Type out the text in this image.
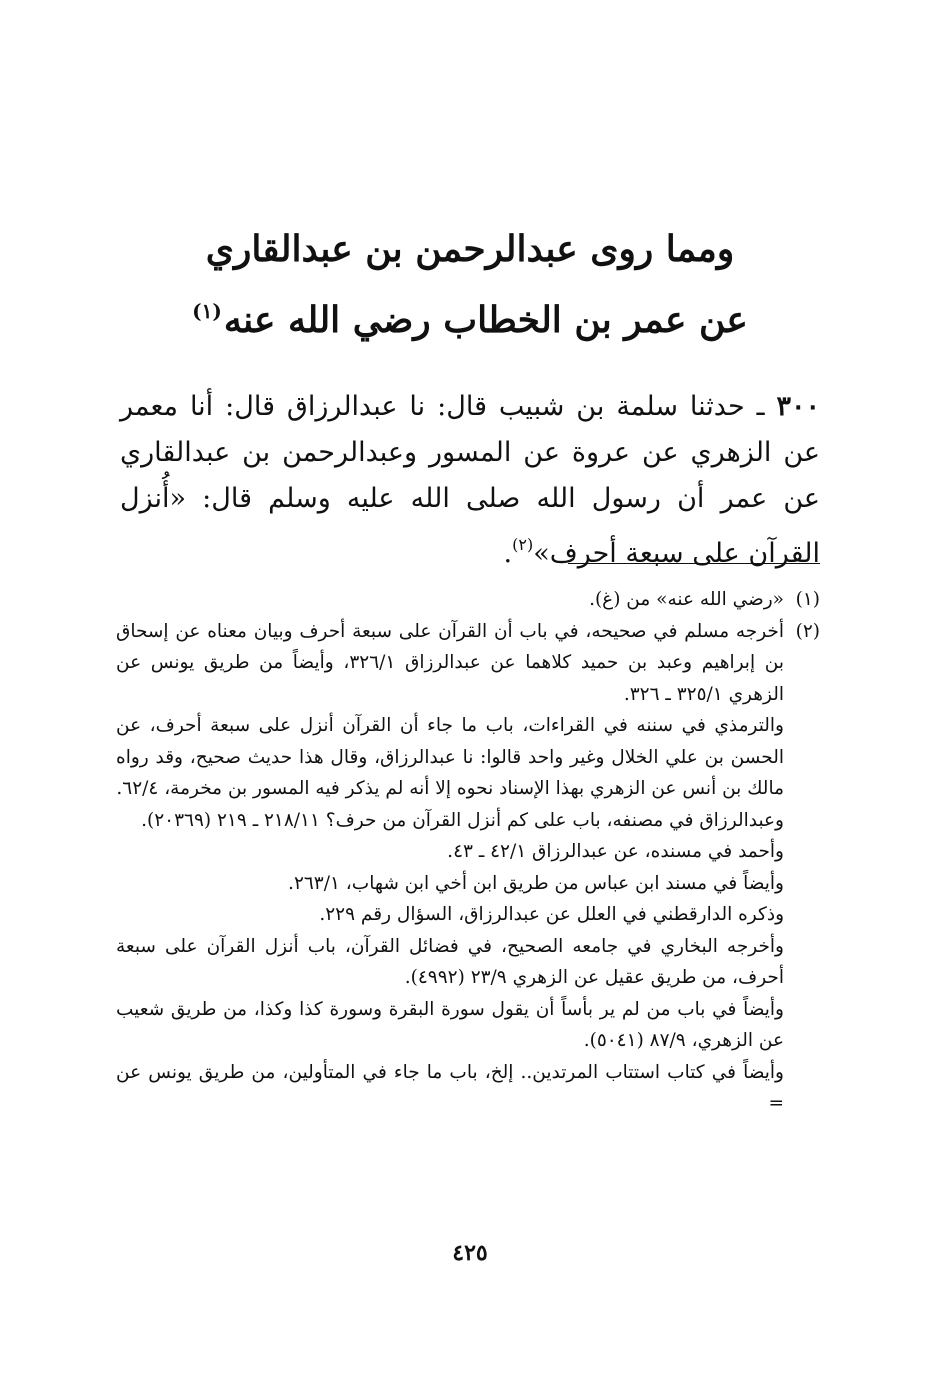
ومما روى عبدالرحمن بن عبدالقاري
عن عمر بن الخطاب رضي الله عنه$^{(١)}$
٣٠٠ ـ حدثنا سلمة بن شبيب قال: نا عبدالرزاق قال: أنا معمر عن الزهري عن عروة عن المسور وعبدالرحمن بن عبدالقاري عن عمر أن رسول الله صلى الله عليه وسلم قال: «أُنزل القرآن على سبعة أحرف»$^{(٢)}$.
(١)

«رضي الله عنه» من (غ).

(٢)

أخرجه مسلم في صحيحه، في باب أن القرآن على سبعة أحرف وبيان معناه عن إسحاق بن إبراهيم وعبد بن حميد كلاهما عن عبدالرزاق ٣٢٦/١، وأيضاً من طريق يونس عن الزهري ٣٢٥/١ ـ ٣٢٦.

والترمذي في سننه في القراءات، باب ما جاء أن القرآن أنزل على سبعة أحرف، عن الحسن بن علي الخلال وغير واحد قالوا: نا عبدالرزاق، وقال هذا حديث صحيح، وقد رواه مالك بن أنس عن الزهري بهذا الإسناد نحوه إلا أنه لم يذكر فيه المسور بن مخرمة، ٦٢/٤.

وعبدالرزاق في مصنفه، باب على كم أنزل القرآن من حرف؟ ٢١٨/١١ ـ ٢١٩ (٢٠٣٦٩).

وأحمد في مسنده، عن عبدالرزاق ٤٢/١ ـ ٤٣.

وأيضاً في مسند ابن عباس من طريق ابن أخي ابن شهاب، ٢٦٣/١.

وذكره الدارقطني في العلل عن عبدالرزاق، السؤال رقم ٢٢٩.

وأخرجه البخاري في جامعه الصحيح، في فضائل القرآن، باب أنزل القرآن على سبعة أحرف، من طريق عقيل عن الزهري ٢٣/٩ (٤٩٩٢).

وأيضاً في باب من لم ير بأساً أن يقول سورة البقرة وسورة كذا وكذا، من طريق شعيب عن الزهري، ٨٧/٩ (٥٠٤١).

وأيضاً في كتاب استتاب المرتدين.. إلخ، باب ما جاء في المتأولين، من طريق يونس عن =

٤٢٥
